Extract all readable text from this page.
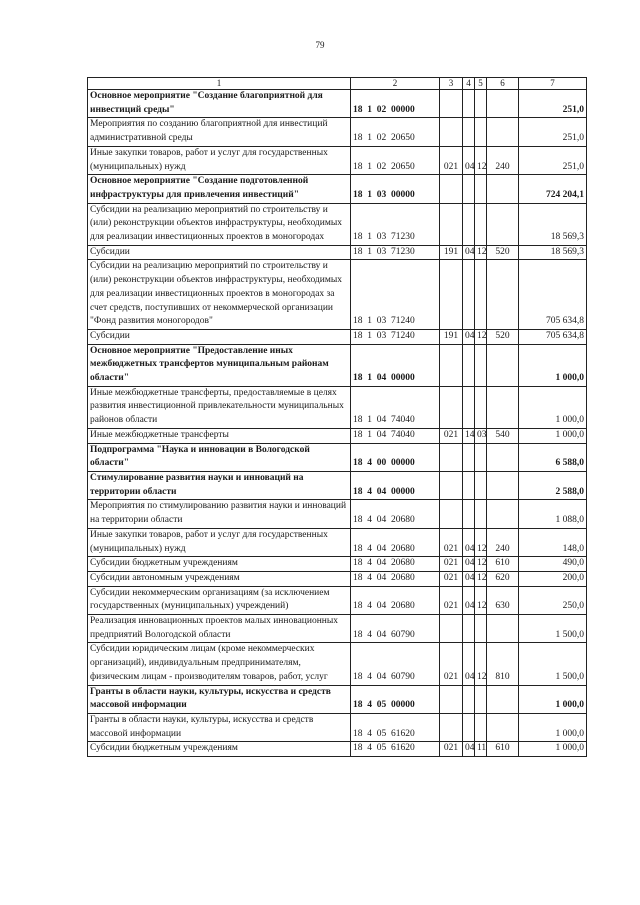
79
1	2	3	4	5	6	7
Основное мероприятие "Создание благоприятной для инвестиций среды"	18  1  02  00000					251,0
Мероприятия по созданию благоприятной для инвестиций административной среды	18  1  02  20650					251,0
Иные закупки товаров, работ и услуг для государственных (муниципальных) нужд	18  1  02  20650	021	04	12	240	251,0
Основное мероприятие "Создание подготовленной инфраструктуры для привлечения инвестиций"	18  1  03  00000					724 204,1
Субсидии на реализацию мероприятий по строительству и (или) реконструкции объектов инфраструктуры, необходимых для реализации инвестиционных проектов в моногородах	18  1  03  71230					18 569,3
Субсидии	18  1  03  71230	191	04	12	520	18 569,3
Субсидии на реализацию мероприятий по строительству и (или) реконструкции объектов инфраструктуры, необходимых для реализации инвестиционных проектов в моногородах за счет средств, поступивших от некоммерческой организации "Фонд развития моногородов"	18  1  03  71240					705 634,8
Субсидии	18  1  03  71240	191	04	12	520	705 634,8
Основное мероприятие "Предоставление иных межбюджетных трансфертов муниципальным районам области"	18  1  04  00000					1 000,0
Иные межбюджетные трансферты, предоставляемые в целях развития инвестиционной привлекательности муниципальных районов области	18  1  04  74040					1 000,0
Иные межбюджетные трансферты	18  1  04  74040	021	14	03	540	1 000,0
Подпрограмма "Наука и инновации в Вологодской области"	18  4  00  00000					6 588,0
Стимулирование развития науки и инноваций на территории области	18  4  04  00000					2 588,0
Мероприятия по стимулированию развития науки и инноваций на территории области	18  4  04  20680					1 088,0
Иные закупки товаров, работ и услуг для государственных (муниципальных) нужд	18  4  04  20680	021	04	12	240	148,0
Субсидии бюджетным учреждениям	18  4  04  20680	021	04	12	610	490,0
Субсидии автономным учреждениям	18  4  04  20680	021	04	12	620	200,0
Субсидии некоммерческим организациям (за исключением государственных (муниципальных) учреждений)	18  4  04  20680	021	04	12	630	250,0
Реализация инновационных проектов малых инновационных предприятий Вологодской области	18  4  04  60790					1 500,0
Субсидии юридическим лицам (кроме некоммерческих организаций), индивидуальным предпринимателям, физическим лицам - производителям товаров, работ, услуг	18  4  04  60790	021	04	12	810	1 500,0
Гранты в области науки, культуры, искусства и средств массовой информации	18  4  05  00000					1 000,0
Гранты в области науки, культуры, искусства и средств массовой информации	18  4  05  61620					1 000,0
Субсидии бюджетным учреждениям	18  4  05  61620	021	04	11	610	1 000,0
